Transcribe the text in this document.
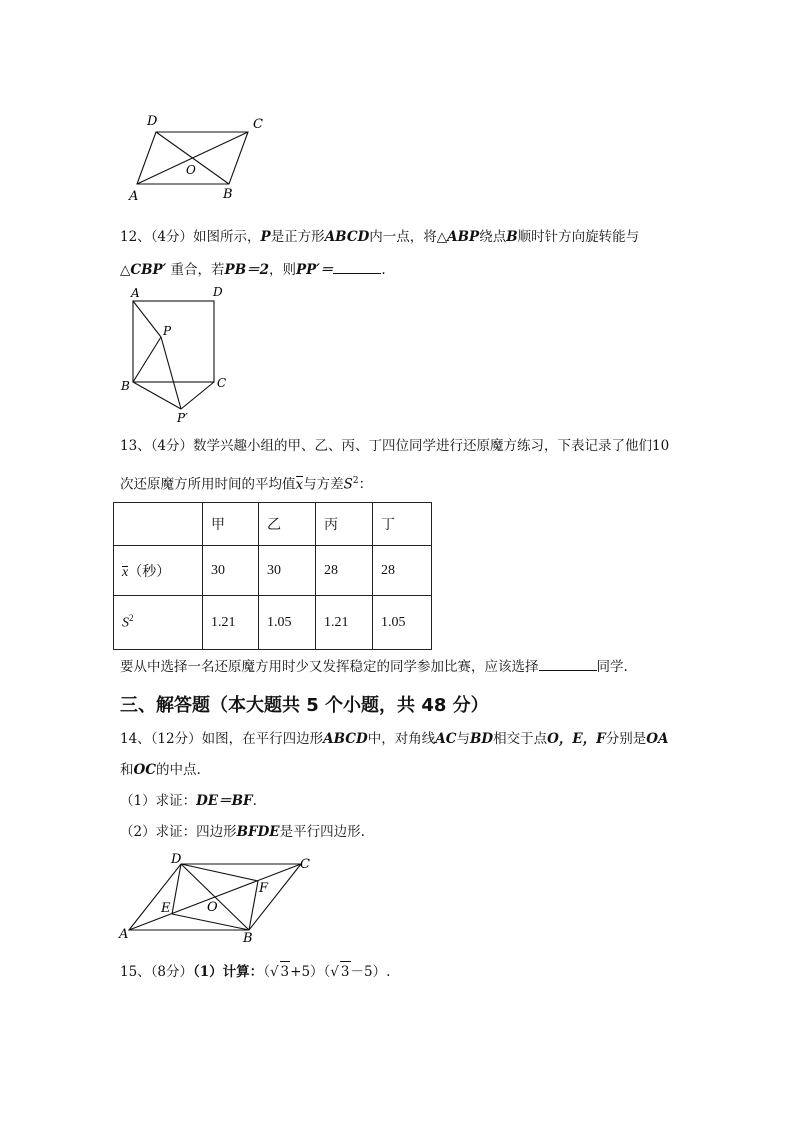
D	C
O
A	B
12、（4分）如图所示，P是正方形ABCD内一点，将△ABP绕点B顺时针方向旋转能与
△CBP′ 重合，若PB＝2，则PP′＝	.
A	D
P
B	C
P′
13、（4分）数学兴趣小组的甲、乙、丙、丁四位同学进行还原魔方练习，下表记录了他们10
次还原魔方所用时间的平均值x与方差$S^2$：
	甲	乙	丙	丁
x（秒）	30	30	28	28
$S^2$	1.21	1.05	1.21	1.05
要从中选择一名还原魔方用时少又发挥稳定的同学参加比赛，应该选择	同学.
三、解答题（本大题共 5 个小题，共 48 分）
14、（12分）如图，在平行四边形ABCD中，对角线AC与BD相交于点O，E，F分别是OA
和OC的中点.
（1）求证：DE＝BF.
（2）求证：四边形BFDE是平行四边形.
D	C
F
E	O
A	B
15、（8分）（1）计算：（√ 3+5）（√ 3－5）.
